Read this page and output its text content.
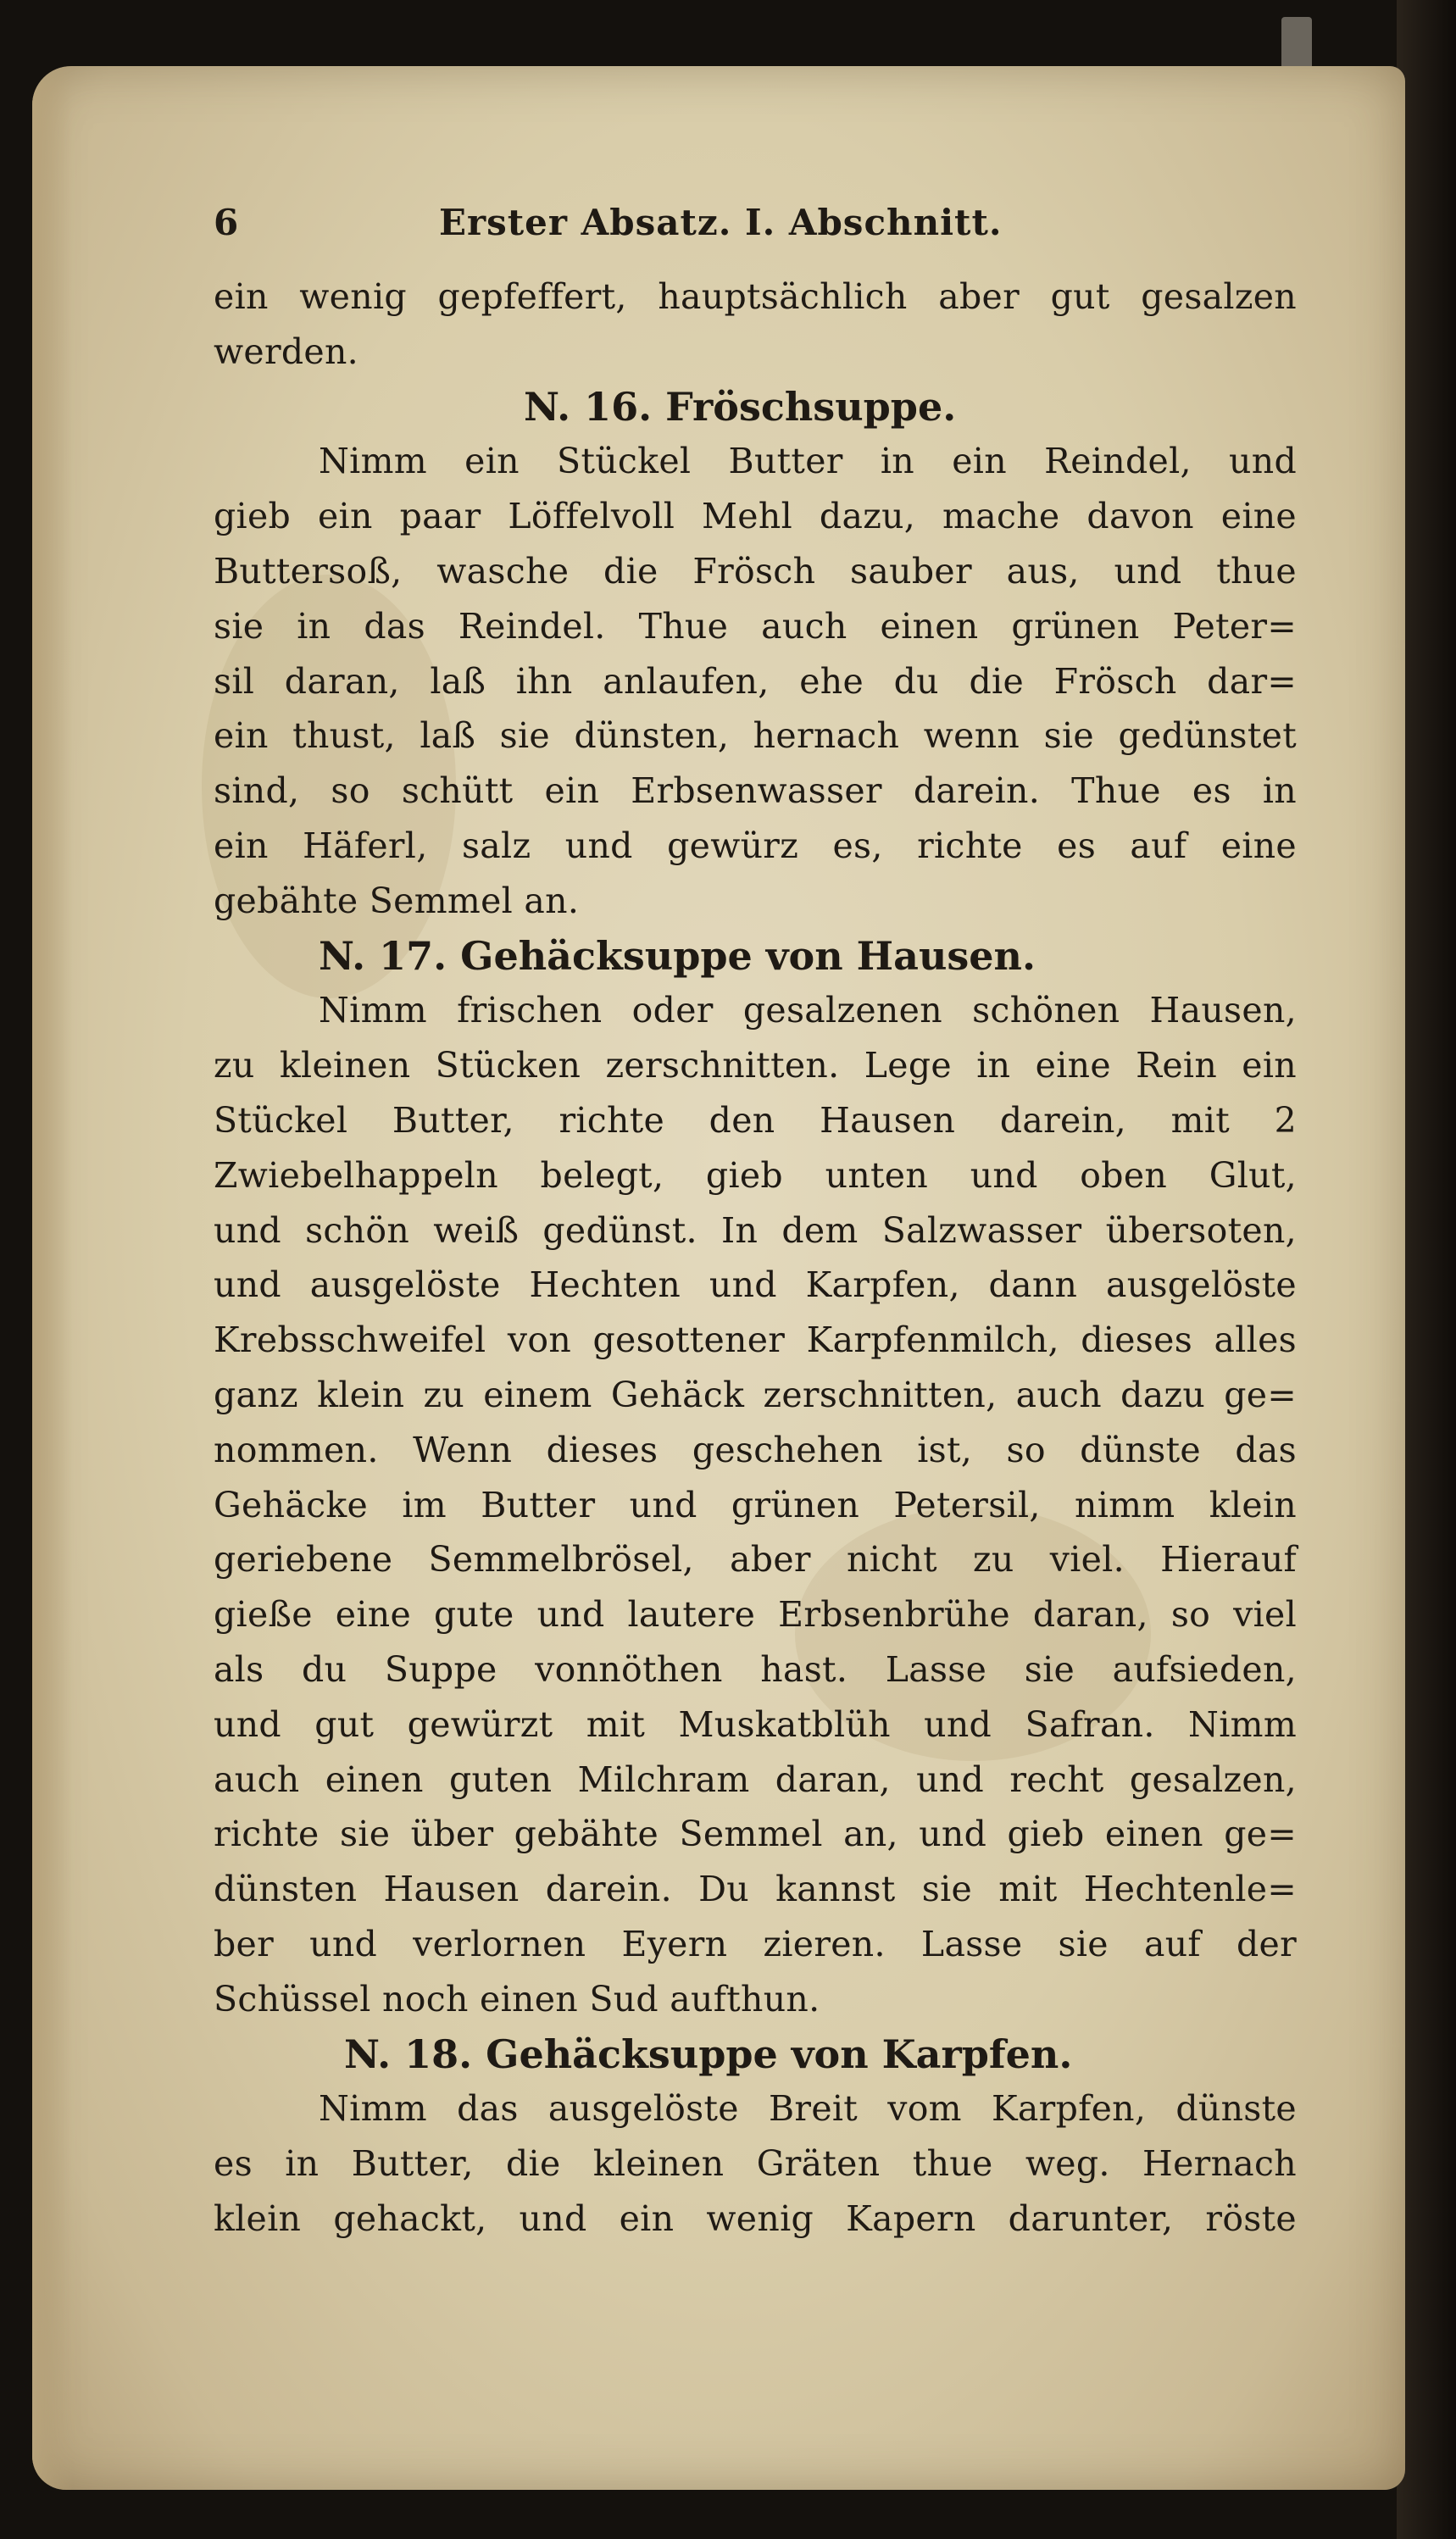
6	Erster Absatz. I. Abschnitt.
ein wenig gepfeffert, hauptsächlich aber gut gesalzen
werden.
N. 16. Fröschsuppe.
Nimm ein Stückel Butter in ein Reindel, und
gieb ein paar Löffelvoll Mehl dazu, mache davon eine
Buttersoß, wasche die Frösch sauber aus, und thue
sie in das Reindel. Thue auch einen grünen Peter=
sil daran, laß ihn anlaufen, ehe du die Frösch dar=
ein thust, laß sie dünsten, hernach wenn sie gedünstet
sind, so schütt ein Erbsenwasser darein. Thue es in
ein Häferl, salz und gewürz es, richte es auf eine
gebähte Semmel an.
N. 17. Gehäcksuppe von Hausen.
Nimm frischen oder gesalzenen schönen Hausen,
zu kleinen Stücken zerschnitten. Lege in eine Rein ein
Stückel Butter, richte den Hausen darein, mit 2
Zwiebelhappeln belegt, gieb unten und oben Glut,
und schön weiß gedünst. In dem Salzwasser übersoten,
und ausgelöste Hechten und Karpfen, dann ausgelöste
Krebsschweifel von gesottener Karpfenmilch, dieses alles
ganz klein zu einem Gehäck zerschnitten, auch dazu ge=
nommen. Wenn dieses geschehen ist, so dünste das
Gehäcke im Butter und grünen Petersil, nimm klein
geriebene Semmelbrösel, aber nicht zu viel. Hierauf
gieße eine gute und lautere Erbsenbrühe daran, so viel
als du Suppe vonnöthen hast. Lasse sie aufsieden,
und gut gewürzt mit Muskatblüh und Safran. Nimm
auch einen guten Milchram daran, und recht gesalzen,
richte sie über gebähte Semmel an, und gieb einen ge=
dünsten Hausen darein. Du kannst sie mit Hechtenle=
ber und verlornen Eyern zieren. Lasse sie auf der
Schüssel noch einen Sud aufthun.
N. 18. Gehäcksuppe von Karpfen.
Nimm das ausgelöste Breit vom Karpfen, dünste
es in Butter, die kleinen Gräten thue weg. Hernach
klein gehackt, und ein wenig Kapern darunter, röste
